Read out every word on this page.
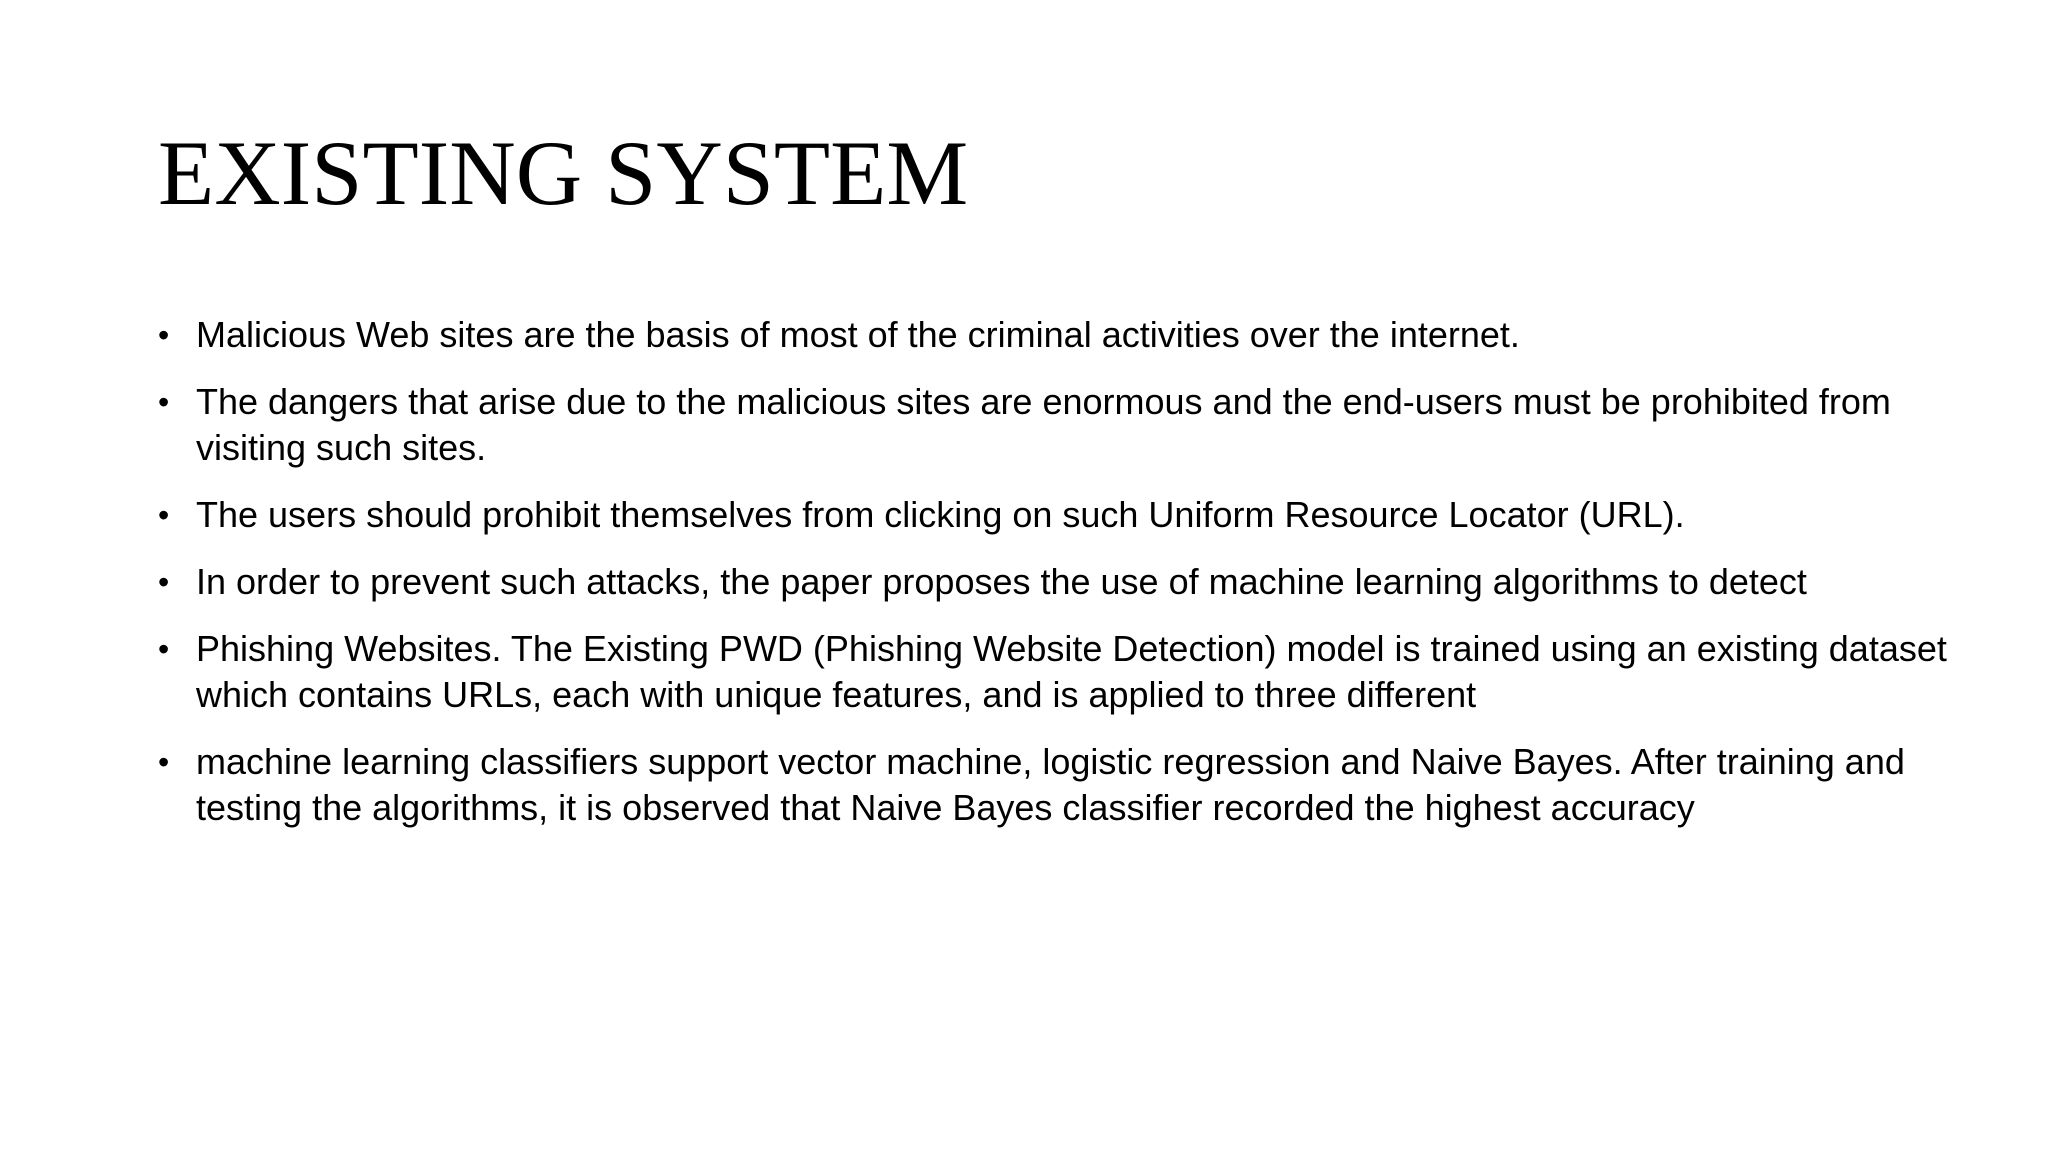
EXISTING SYSTEM
• Malicious Web sites are the basis of most of the criminal activities over the internet.
• The dangers that arise due to the malicious sites are enormous and the end-users must be prohibited from visiting such sites.
• The users should prohibit themselves from clicking on such Uniform Resource Locator (URL).
• In order to prevent such attacks, the paper proposes the use of machine learning algorithms to detect
• Phishing Websites. The Existing PWD (Phishing Website Detection) model is trained using an existing dataset which contains URLs, each with unique features, and is applied to three different
• machine learning classifiers support vector machine, logistic regression and Naive Bayes. After training and testing the algorithms, it is observed that Naive Bayes classifier recorded the highest accuracy
